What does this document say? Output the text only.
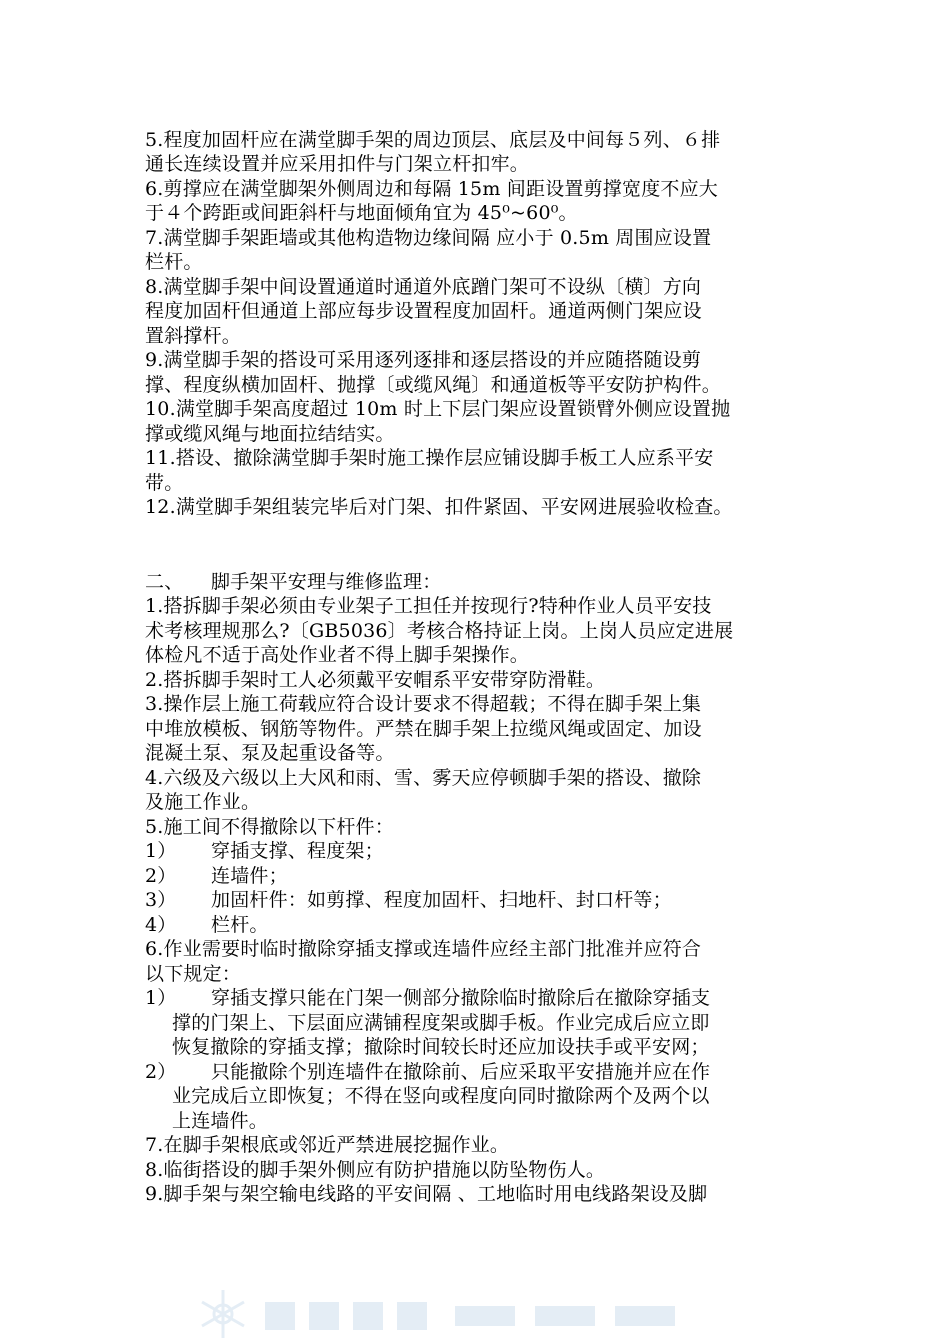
5.程度加固杆应在满堂脚手架的周边顶层、底层及中间每５列、６排
通长连续设置并应采用扣件与门架立杆扣牢。
6.剪撑应在满堂脚架外侧周边和每隔 15m 间距设置剪撑宽度不应大
于４个跨距或间距斜杆与地面倾角宜为 45⁰~60⁰。
7.满堂脚手架距墙或其他构造物边缘间隔 应小于 0.5m 周围应设置
栏杆。
8.满堂脚手架中间设置通道时通道外底蹭门架可不设纵〔横〕方向
程度加固杆但通道上部应每步设置程度加固杆。通道两侧门架应设
置斜撑杆。
9.满堂脚手架的搭设可采用逐列逐排和逐层搭设的并应随搭随设剪
撑、程度纵横加固杆、抛撑〔或缆风绳〕和通道板等平安防护构件。
10.满堂脚手架高度超过 10m 时上下层门架应设置锁臂外侧应设置抛
撑或缆风绳与地面拉结结实。
11.搭设、撤除满堂脚手架时施工操作层应铺设脚手板工人应系平安
带。
12.满堂脚手架组装完毕后对门架、扣件紧固、平安网进展验收检查。
二、 脚手架平安理与维修监理：
1.搭拆脚手架必须由专业架子工担任并按现行?特种作业人员平安技
术考核理规那么?〔GB5036〕考核合格持证上岗。上岗人员应定进展
体检凡不适于高处作业者不得上脚手架操作。
2.搭拆脚手架时工人必须戴平安帽系平安带穿防滑鞋。
3.操作层上施工荷载应符合设计要求不得超载；不得在脚手架上集
中堆放模板、钢筋等物件。严禁在脚手架上拉缆风绳或固定、加设
混凝土泵、泵及起重设备等。
4.六级及六级以上大风和雨、雪、雾天应停顿脚手架的搭设、撤除
及施工作业。
5.施工间不得撤除以下杆件：
1） 穿插支撑、程度架；
2） 连墙件；
3） 加固杆件：如剪撑、程度加固杆、扫地杆、封口杆等；
4） 栏杆。
6.作业需要时临时撤除穿插支撑或连墙件应经主部门批准并应符合
以下规定：
1） 穿插支撑只能在门架一侧部分撤除临时撤除后在撤除穿插支
撑的门架上、下层面应满铺程度架或脚手板。作业完成后应立即
恢复撤除的穿插支撑；撤除时间较长时还应加设扶手或平安网；
2） 只能撤除个别连墙件在撤除前、后应采取平安措施并应在作
业完成后立即恢复；不得在竖向或程度向同时撤除两个及两个以
上连墙件。
7.在脚手架根底或邻近严禁进展挖掘作业。
8.临街搭设的脚手架外侧应有防护措施以防坠物伤人。
9.脚手架与架空输电线路的平安间隔 、工地临时用电线路架设及脚
